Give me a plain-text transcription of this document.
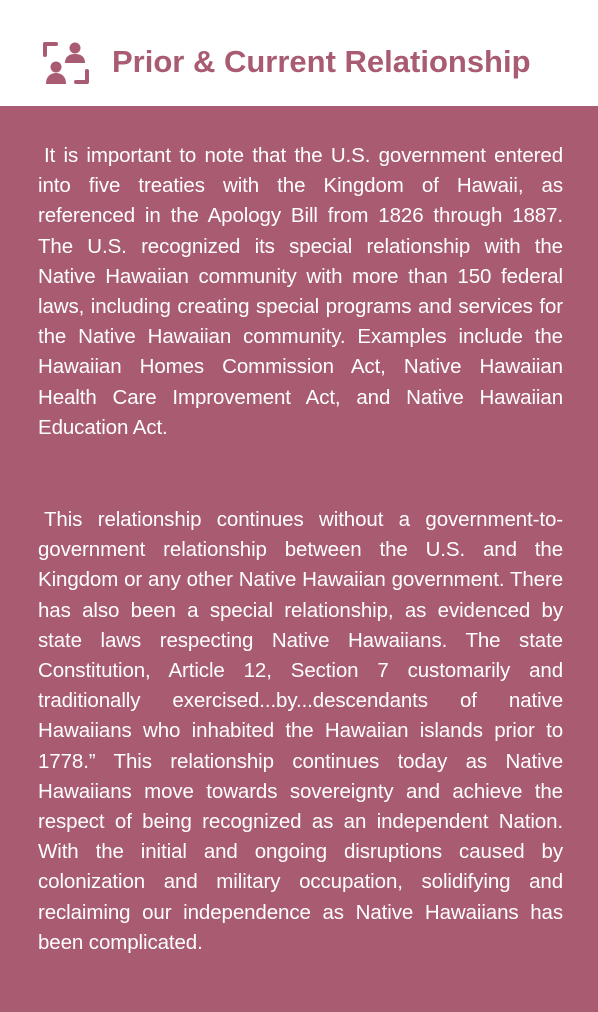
Prior & Current Relationship

It is important to note that the U.S. government entered into five treaties with the Kingdom of Hawaii, as referenced in the Apology Bill from 1826 through 1887. The U.S. recognized its special relationship with the Native Hawaiian community with more than 150 federal laws, including creating special programs and services for the Native Hawaiian community. Examples include the Hawaiian Homes Commission Act, Native Hawaiian Health Care Improvement Act, and Native Hawaiian Education Act.

This relationship continues without a government-to-government relationship between the U.S. and the Kingdom or any other Native Hawaiian government. There has also been a special relationship, as evidenced by state laws respecting Native Hawaiians. The state Constitution, Article 12, Section 7 customarily and traditionally exercised...by...descendants of native Hawaiians who inhabited the Hawaiian islands prior to 1778.” This relationship continues today as Native Hawaiians move towards sovereignty and achieve the respect of being recognized as an independent Nation. With the initial and ongoing disruptions caused by colonization and military occupation, solidifying and reclaiming our independence as Native Hawaiians has been complicated.
